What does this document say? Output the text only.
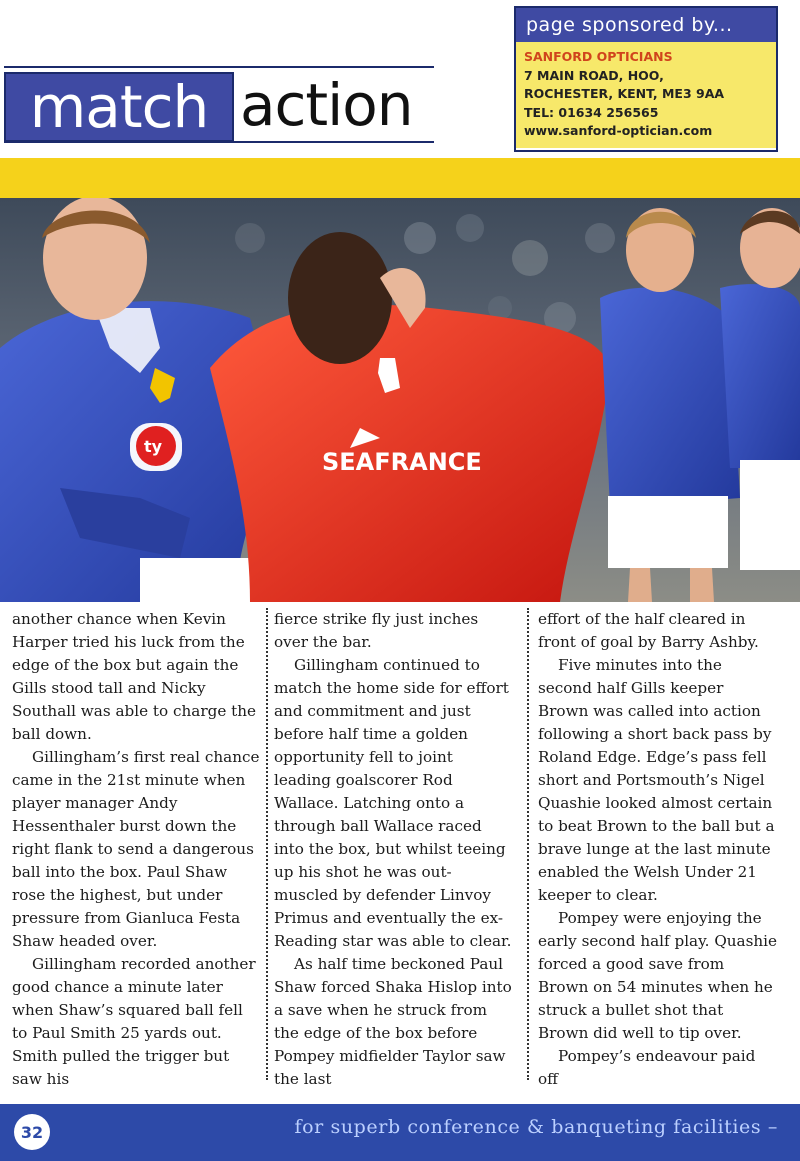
match action
page sponsored by...
SANFORD OPTICIANS
7 MAIN ROAD, HOO,
ROCHESTER, KENT, ME3 9AA
TEL: 01634 256565
www.sanford-optician.com
ty
SEAFRANCE

another chance when Kevin Harper tried his luck from the edge of the box but again the Gills stood tall and Nicky Southall was able to charge the ball down.

Gillingham’s first real chance came in the 21st minute when player manager Andy Hessenthaler burst down the right flank to send a dangerous ball into the box. Paul Shaw rose the highest, but under pressure from Gianluca Festa Shaw headed over.

Gillingham recorded another good chance a minute later when Shaw’s squared ball fell to Paul Smith 25 yards out. Smith pulled the trigger but saw his

fierce strike fly just inches over the bar.

Gillingham continued to match the home side for effort and commitment and just before half time a golden opportunity fell to joint leading goalscorer Rod Wallace. Latching onto a through ball Wallace raced into the box, but whilst teeing up his shot he was out-muscled by defender Linvoy Primus and eventually the ex-Reading star was able to clear.

As half time beckoned Paul Shaw forced Shaka Hislop into a save when he struck from the edge of the box before Pompey midfielder Taylor saw the last

effort of the half cleared in front of goal by Barry Ashby.

Five minutes into the second half Gills keeper Brown was called into action following a short back pass by Roland Edge. Edge’s pass fell short and Portsmouth’s Nigel Quashie looked almost certain to beat Brown to the ball but a brave lunge at the last minute enabled the Welsh Under 21 keeper to clear.

Pompey were enjoying the early second half play. Quashie forced a good save from Brown on 54 minutes when he struck a bullet shot that Brown did well to tip over.

Pompey’s endeavour paid off

32	for superb conference & banqueting facilities –
